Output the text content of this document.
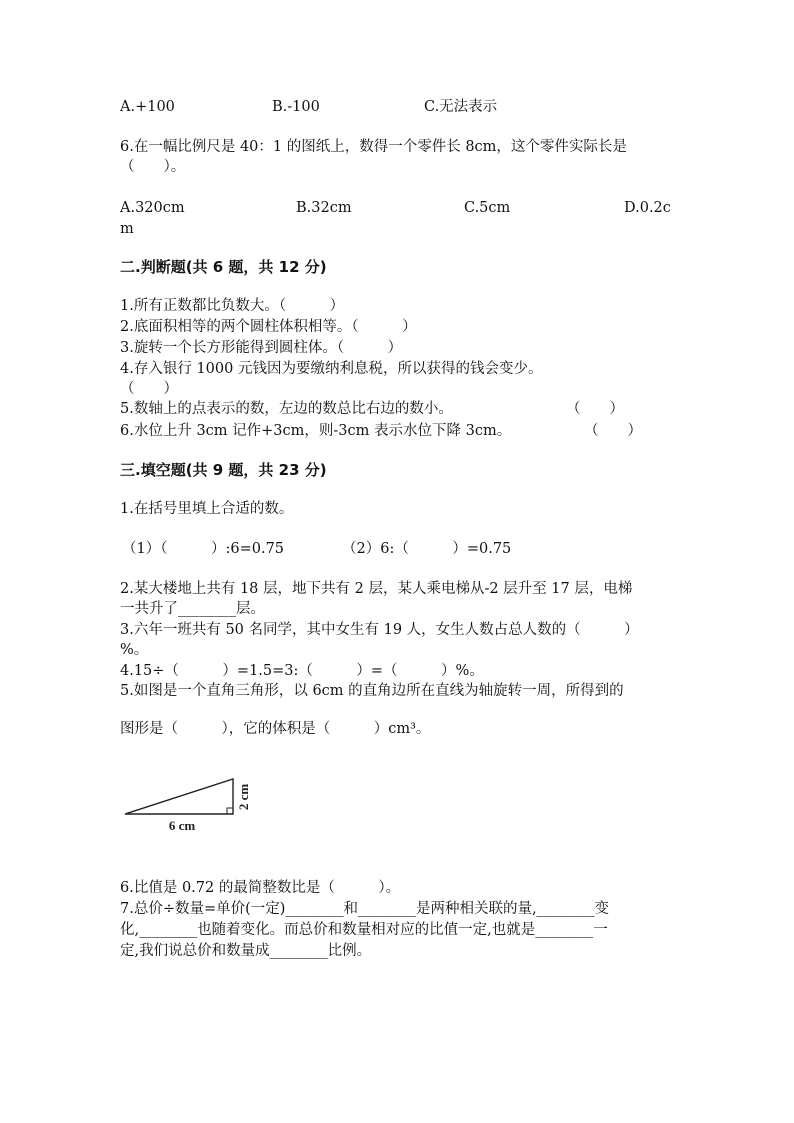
A.+100	B.-100	C.无法表示
6.在一幅比例尺是 40：1 的图纸上，数得一个零件长 8cm，这个零件实际长是
（　　）。
A.320cm	B.32cm	C.5cm	D.0.2c
m
二.判断题(共 6 题，共 12 分)
1.所有正数都比负数大。（　　　）
2.底面积相等的两个圆柱体积相等。（　　　）
3.旋转一个长方形能得到圆柱体。（　　　）
4.存入银行 1000 元钱因为要缴纳利息税，所以获得的钱会变少。
（　　）
5.数轴上的点表示的数，左边的数总比右边的数小。	（　　）
6.水位上升 3cm 记作+3cm，则-3cm 表示水位下降 3cm。	（　　）
三.填空题(共 9 题，共 23 分)
1.在括号里填上合适的数。
（1）（　　　）:6=0.75	（2）6:（　　　）=0.75
2.某大楼地上共有 18 层，地下共有 2 层，某人乘电梯从-2 层升至 17 层，电梯
一共升了________层。
3.六年一班共有 50 名同学，其中女生有 19 人，女生人数占总人数的（　　　）
%。
4.15÷（　　　）=1.5=3:（　　　）=（　　　）%。
5.如图是一个直角三角形，以 6cm 的直角边所在直线为轴旋转一周，所得到的
图形是（　　　），它的体积是（　　　）cm³。
6 cm
2 cm
6.比值是 0.72 的最简整数比是（　　　）。
7.总价÷数量=单价(一定)________和________是两种相关联的量,________变
化,________也随着变化。而总价和数量相对应的比值一定,也就是________一
定,我们说总价和数量成________比例。
